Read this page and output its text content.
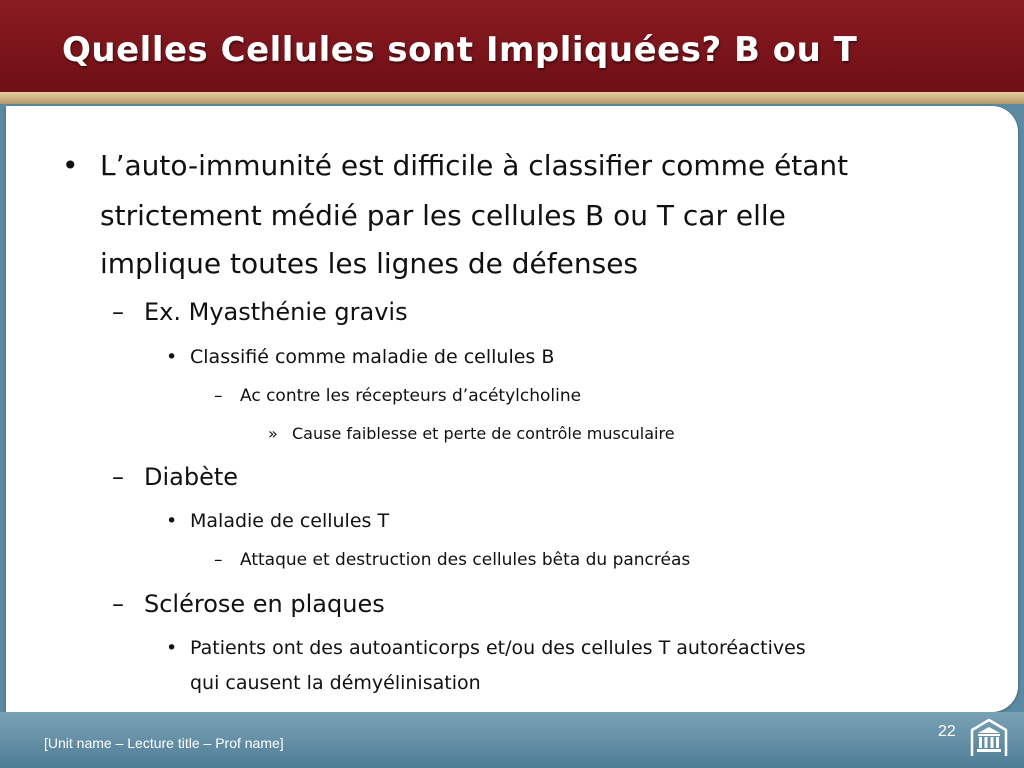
Quelles Cellules sont Impliquées? B ou T
[Unit name – Lecture title – Prof name]
22
• L’auto-immunité est difficile à classifier comme étant
strictement médié par les cellules B ou T car elle
implique toutes les lignes de défenses
– Ex. Myasthénie gravis
• Classifié comme maladie de cellules B
– Ac contre les récepteurs d’acétylcholine
» Cause faiblesse et perte de contrôle musculaire
– Diabète
• Maladie de cellules T
– Attaque et destruction des cellules bêta du pancréas
– Sclérose en plaques
• Patients ont des autoanticorps et/ou des cellules T autoréactives
qui causent la démyélinisation
